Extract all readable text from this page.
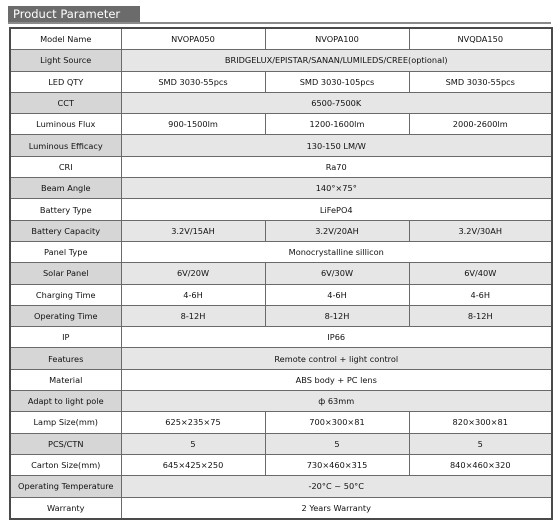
Product Parameter
Model Name	NVOPA050	NVOPA100	NVQDA150
Light Source	BRIDGELUX/EPISTAR/SANAN/LUMILEDS/CREE(optional)		
LED QTY	SMD 3030-55pcs	SMD 3030-105pcs	SMD 3030-55pcs
CCT	6500-7500K		
Luminous Flux	900-1500lm	1200-1600lm	2000-2600lm
Luminous Efficacy	130-150 LM/W		
CRI	Ra70		
Beam Angle	140°×75°		
Battery Type	LiFePO4		
Battery Capacity	3.2V/15AH	3.2V/20AH	3.2V/30AH
Panel Type	Monocrystalline sillicon		
Solar Panel	6V/20W	6V/30W	6V/40W
Charging Time	4-6H	4-6H	4-6H
Operating Time	8-12H	8-12H	8-12H
IP	IP66		
Features	Remote control + light control		
Material	ABS body + PC lens		
Adapt to light pole	ф 63mm		
Lamp Size(mm)	625×235×75	700×300×81	820×300×81
PCS/CTN	5	5	5
Carton Size(mm)	645×425×250	730×460×315	840×460×320
Operating Temperature	-20°C ~ 50°C		
Warranty	2 Years Warranty		
